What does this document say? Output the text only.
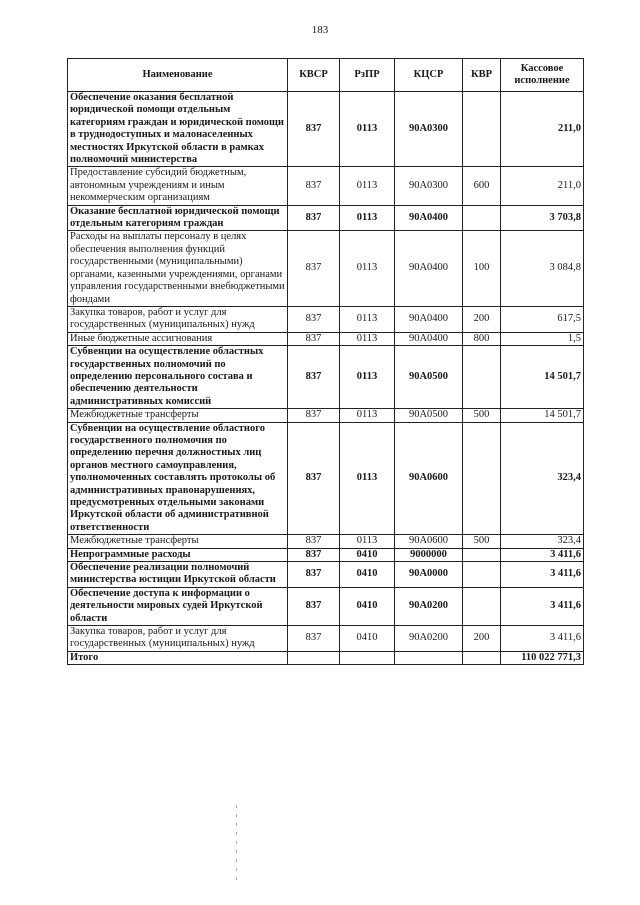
183
Наименование	КВСР	РзПР	КЦСР	КВР	Кассовое исполнение
Обеспечение оказания бесплатной юридической помощи отдельным категориям граждан и юридической помощи в труднодоступных и малонаселенных местностях Иркутской области в рамках полномочий министерства	837	0113	90А0300		211,0
Предоставление субсидий бюджетным, автономным учреждениям и иным некоммерческим организациям	837	0113	90А0300	600	211,0
Оказание бесплатной юридической помощи отдельным категориям граждан	837	0113	90А0400		3 703,8
Расходы на выплаты персоналу в целях обеспечения выполнения функций государственными (муниципальными) органами, казенными учреждениями, органами управления государственными внебюджетными фондами	837	0113	90А0400	100	3 084,8
Закупка товаров, работ и услуг для государственных (муниципальных) нужд	837	0113	90А0400	200	617,5
Иные бюджетные ассигнования	837	0113	90А0400	800	1,5
Субвенции на осуществление областных государственных полномочий по определению персонального состава и обеспечению деятельности административных комиссий	837	0113	90А0500		14 501,7
Межбюджетные трансферты	837	0113	90А0500	500	14 501,7
Субвенции на осуществление областного государственного полномочия по определению перечня должностных лиц органов местного самоуправления, уполномоченных составлять протоколы об административных правонарушениях, предусмотренных отдельными законами Иркутской области об административной ответственности	837	0113	90А0600		323,4
Межбюджетные трансферты	837	0113	90А0600	500	323,4
Непрограммные расходы	837	0410	9000000		3 411,6
Обеспечение реализации полномочий министерства юстиции Иркутской области	837	0410	90А0000		3 411,6
Обеспечение доступа к информации о деятельности мировых судей Иркутской области	837	0410	90А0200		3 411,6
Закупка товаров, работ и услуг для государственных (муниципальных) нужд	837	0410	90А0200	200	3 411,6
Итого					110 022 771,3
